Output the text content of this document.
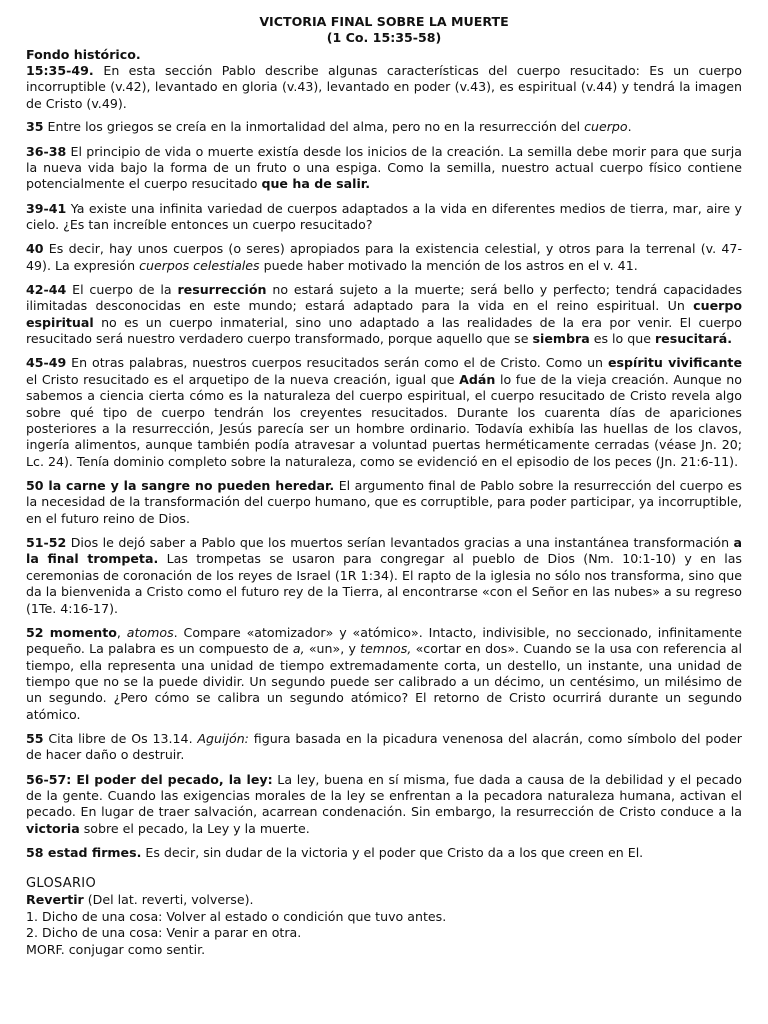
VICTORIA FINAL SOBRE LA MUERTE
(1 Co. 15:35-58)
Fondo histórico.

15:35-49. En esta sección Pablo describe algunas características del cuerpo resucitado: Es un cuerpo incorruptible (v.42), levantado en gloria (v.43), levantado en poder (v.43), es espiritual (v.44) y tendrá la imagen de Cristo (v.49).

35 Entre los griegos se creía en la inmortalidad del alma, pero no en la resurrección del cuerpo.

36-38 El principio de vida o muerte existía desde los inicios de la creación. La semilla debe morir para que surja la nueva vida bajo la forma de un fruto o una espiga. Como la semilla, nuestro actual cuerpo físico contiene potencialmente el cuerpo resucitado que ha de salir.

39-41 Ya existe una infinita variedad de cuerpos adaptados a la vida en diferentes medios de tierra, mar, aire y cielo. ¿Es tan increíble entonces un cuerpo resucitado?

40 Es decir, hay unos cuerpos (o seres) apropiados para la existencia celestial, y otros para la terrenal (v. 47-49). La expresión cuerpos celestiales puede haber motivado la mención de los astros en el v. 41.

42-44 El cuerpo de la resurrección no estará sujeto a la muerte; será bello y perfecto; tendrá capacidades ilimitadas desconocidas en este mundo; estará adaptado para la vida en el reino espiritual. Un cuerpo espiritual no es un cuerpo inmaterial, sino uno adaptado a las realidades de la era por venir. El cuerpo resucitado será nuestro verdadero cuerpo transformado, porque aquello que se siembra es lo que resucitará.

45-49 En otras palabras, nuestros cuerpos resucitados serán como el de Cristo. Como un espíritu vivificante el Cristo resucitado es el arquetipo de la nueva creación, igual que Adán lo fue de la vieja creación. Aunque no sabemos a ciencia cierta cómo es la naturaleza del cuerpo espiritual, el cuerpo resucitado de Cristo revela algo sobre qué tipo de cuerpo tendrán los creyentes resucitados. Durante los cuarenta días de apariciones posteriores a la resurrección, Jesús parecía ser un hombre ordinario. Todavía exhibía las huellas de los clavos, ingería alimentos, aunque también podía atravesar a voluntad puertas herméticamente cerradas (véase Jn. 20; Lc. 24). Tenía dominio completo sobre la naturaleza, como se evidenció en el episodio de los peces (Jn. 21:6-11).

50 la carne y la sangre no pueden heredar. El argumento final de Pablo sobre la resurrección del cuerpo es la necesidad de la transformación del cuerpo humano, que es corruptible, para poder participar, ya incorruptible, en el futuro reino de Dios.

51-52 Dios le dejó saber a Pablo que los muertos serían levantados gracias a una instantánea transformación a la final trompeta. Las trompetas se usaron para congregar al pueblo de Dios (Nm. 10:1-10) y en las ceremonias de coronación de los reyes de Israel (1R 1:34). El rapto de la iglesia no sólo nos transforma, sino que da la bienvenida a Cristo como el futuro rey de la Tierra, al encontrarse «con el Señor en las nubes» a su regreso (1Te. 4:16-17).

52 momento, atomos. Compare «atomizador» y «atómico». Intacto, indivisible, no seccionado, infinitamente pequeño. La palabra es un compuesto de a, «un», y temnos, «cortar en dos». Cuando se la usa con referencia al tiempo, ella representa una unidad de tiempo extremadamente corta, un destello, un instante, una unidad de tiempo que no se la puede dividir. Un segundo puede ser calibrado a un décimo, un centésimo, un milésimo de un segundo. ¿Pero cómo se calibra un segundo atómico? El retorno de Cristo ocurrirá durante un segundo atómico.

55 Cita libre de Os 13.14. Aguijón: figura basada en la picadura venenosa del alacrán, como símbolo del poder de hacer daño o destruir.

56-57: El poder del pecado, la ley: La ley, buena en sí misma, fue dada a causa de la debilidad y el pecado de la gente. Cuando las exigencias morales de la ley se enfrentan a la pecadora naturaleza humana, activan el pecado. En lugar de traer salvación, acarrean condenación. Sin embargo, la resurrección de Cristo conduce a la victoria sobre el pecado, la Ley y la muerte.

58 estad firmes. Es decir, sin dudar de la victoria y el poder que Cristo da a los que creen en El.

GLOSARIO
Revertir (Del lat. reverti, volverse).
1. Dicho de una cosa: Volver al estado o condición que tuvo antes.
2. Dicho de una cosa: Venir a parar en otra.
MORF. conjugar como sentir.
